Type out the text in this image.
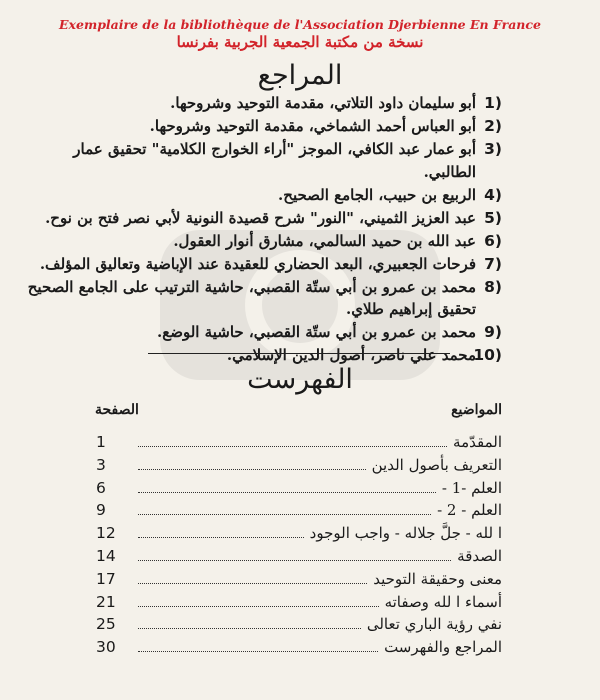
Exemplaire de la bibliothèque de l'Association Djerbienne En France
نسخة من مكتبة الجمعية الجربية بفرنسا
المراجع
1)
أبو سليمان داود التلاتي، مقدمة التوحيد وشروحها.
2)
أبو العباس أحمد الشماخي، مقدمة التوحيد وشروحها.
3)
أبو عمار عبد الكافي، الموجز "أراء الخوارج الكلامية" تحقيق عمار الطالبي.
4)
الربيع بن حبيب، الجامع الصحيح.
5)
عبد العزيز الثميني، "النور" شرح قصيدة النونية لأبي نصر فتح بن نوح.
6)
عبد الله بن حميد السالمي، مشارق أنوار العقول.
7)
فرحات الجعبيري، البعد الحضاري للعقيدة عند الإباضية وتعاليق المؤلف.
8)
محمد بن عمرو بن أبي ستّة القصبي، حاشية الترتيب على الجامع الصحيح تحقيق إبراهيم طلاي.
9)
محمد بن عمرو بن أبي ستّة القصبي، حاشية الوضع.
10)
محمد علي ناصر، أصول الدين الإسلامي.
الفهرست
المواضيع
الصفحة
المقدّمة
1
التعريف بأصول الدين
3
العلم -1 -
6
العلم - 2 -
9
ا لله - جلَّ جلاله - واجب الوجود
12
الصدقة
14
معنى وحقيقة التوحيد
17
أسماء ا لله وصفاته
21
نفي رؤية الباري تعالى
25
المراجع والفهرست
30
